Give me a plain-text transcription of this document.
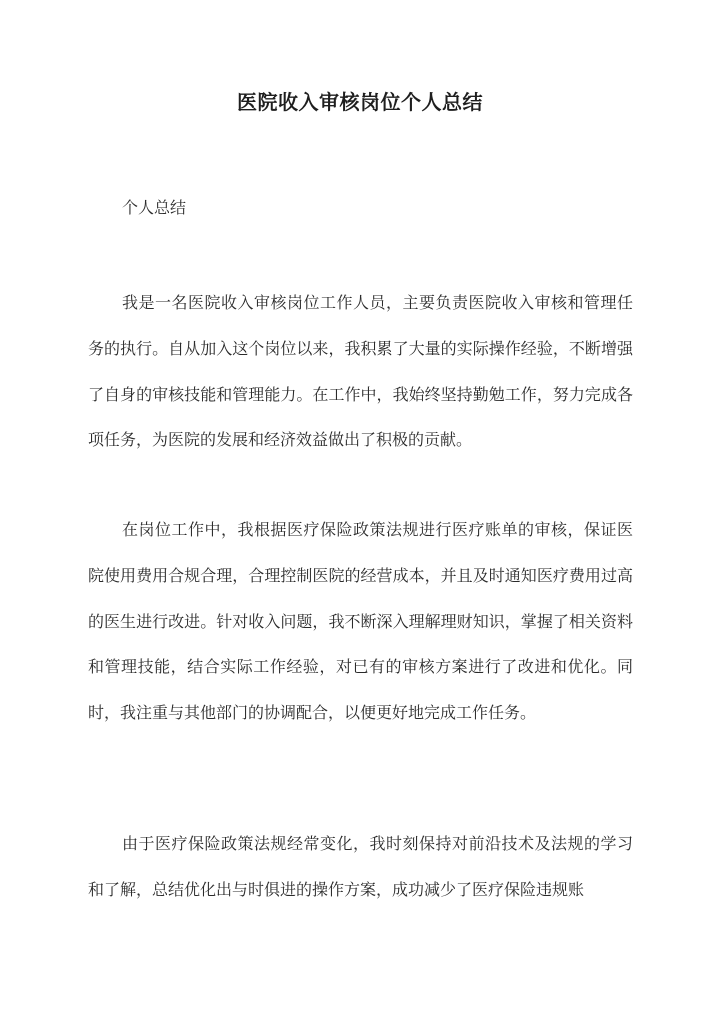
医院收入审核岗位个人总结

个人总结

我是一名医院收入审核岗位工作人员，主要负责医院收入审核和管理任务的执行。自从加入这个岗位以来，我积累了大量的实际操作经验，不断增强了自身的审核技能和管理能力。在工作中，我始终坚持勤勉工作，努力完成各项任务，为医院的发展和经济效益做出了积极的贡献。

在岗位工作中，我根据医疗保险政策法规进行医疗账单的审核，保证医院使用费用合规合理，合理控制医院的经营成本，并且及时通知医疗费用过高的医生进行改进。针对收入问题，我不断深入理解理财知识，掌握了相关资料和管理技能，结合实际工作经验，对已有的审核方案进行了改进和优化。同时，我注重与其他部门的协调配合，以便更好地完成工作任务。

由于医疗保险政策法规经常变化，我时刻保持对前沿技术及法规的学习和了解，总结优化出与时俱进的操作方案，成功减少了医疗保险违规账
